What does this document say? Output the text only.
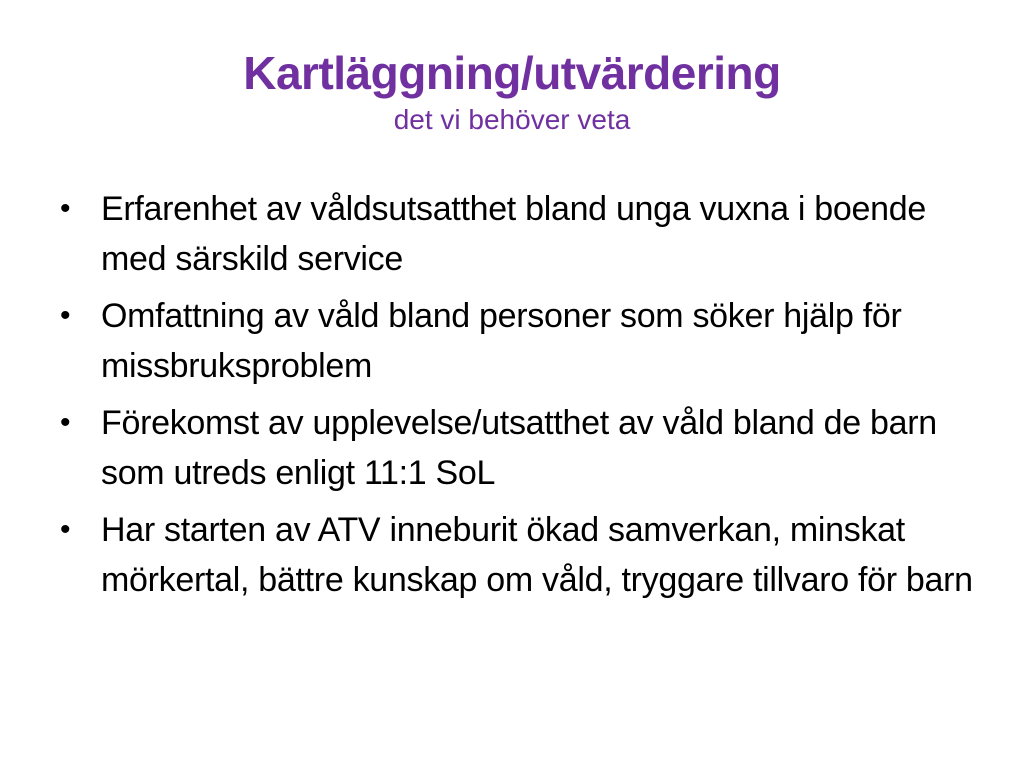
Kartläggning/utvärdering

det vi behöver veta

• Erfarenhet av våldsutsatthet bland unga vuxna i boende med särskild service
• Omfattning av våld bland personer som söker hjälp för missbruksproblem
• Förekomst av upplevelse/utsatthet av våld bland de barn som utreds enligt 11:1 SoL
• Har starten av ATV inneburit ökad samverkan, minskat mörkertal, bättre kunskap om våld, tryggare tillvaro för barn
